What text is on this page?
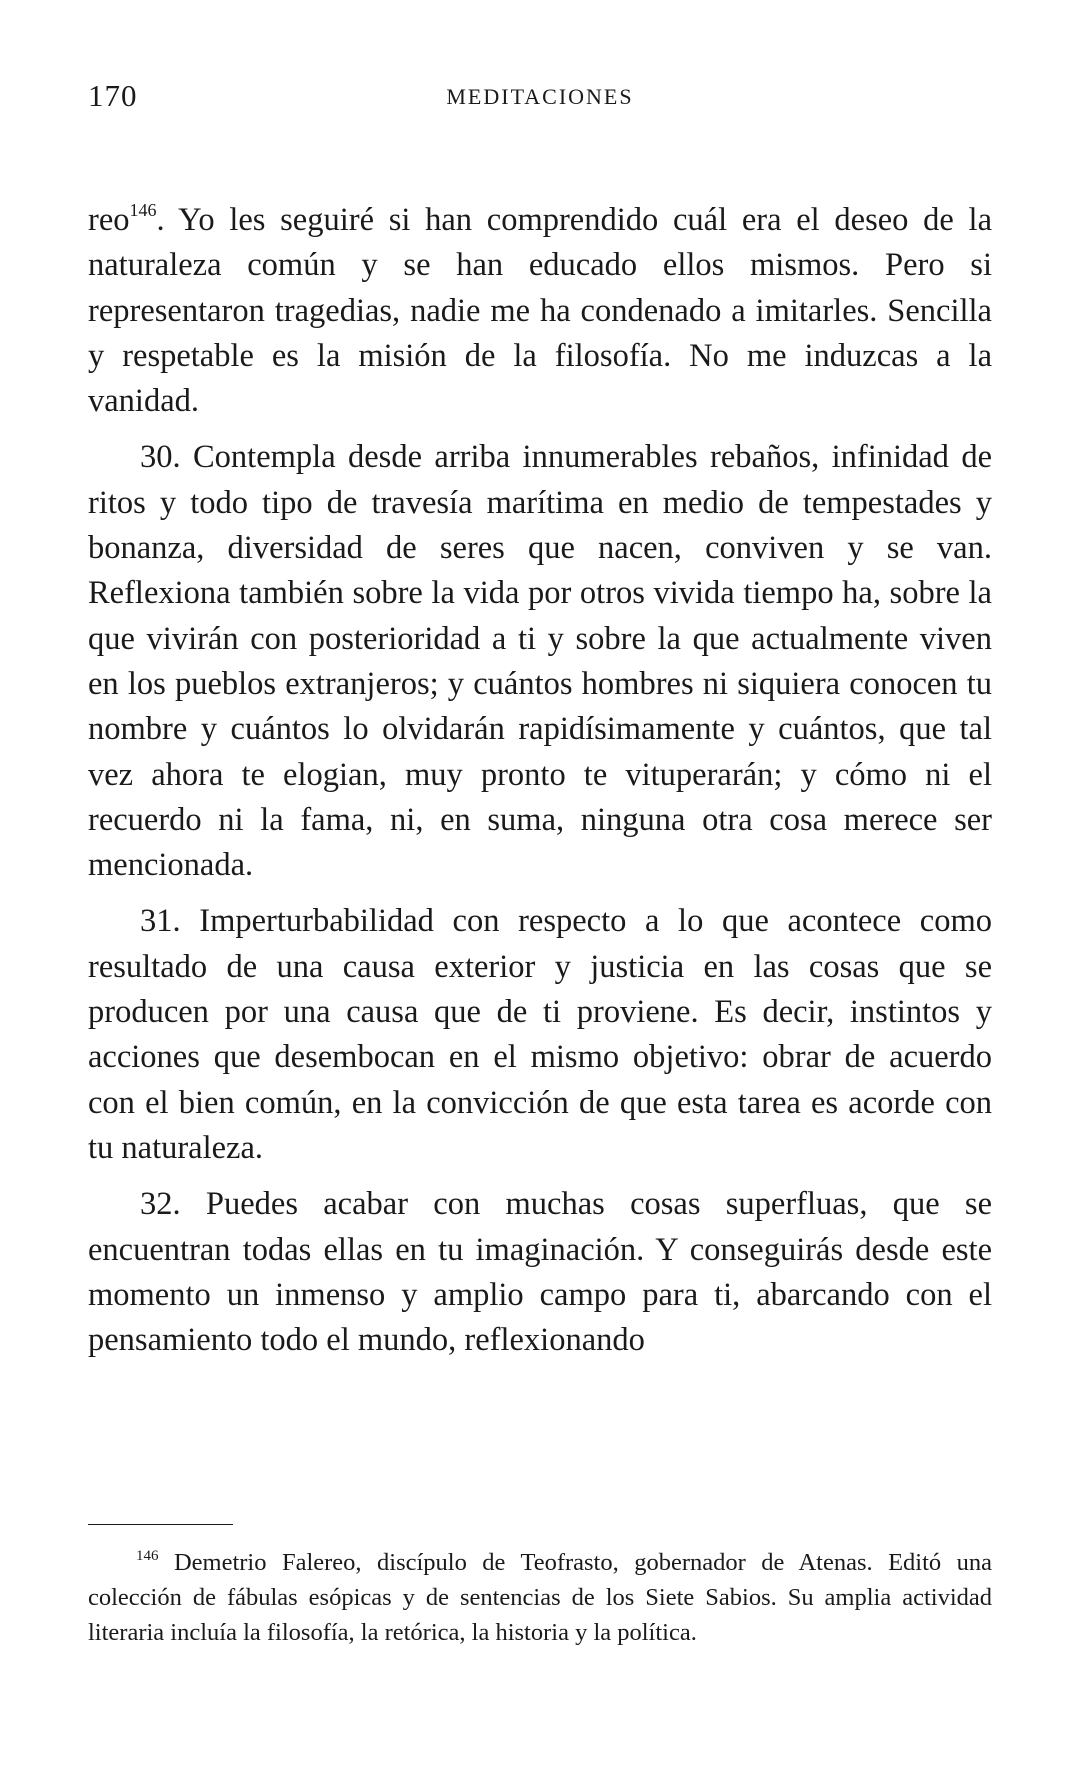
170	MEDITACIONES

reo$^{146}$. Yo les seguiré si han comprendido cuál era el deseo de la naturaleza común y se han educado ellos mismos. Pero si representaron tragedias, nadie me ha condenado a imitarles. Sencilla y respetable es la misión de la filosofía. No me induzcas a la vanidad.

30. Contempla desde arriba innumerables rebaños, infinidad de ritos y todo tipo de travesía marítima en medio de tempestades y bonanza, diversidad de seres que nacen, conviven y se van. Reflexiona también sobre la vida por otros vivida tiempo ha, sobre la que vivirán con posterioridad a ti y sobre la que actualmente viven en los pueblos extranjeros; y cuántos hombres ni siquiera conocen tu nombre y cuántos lo olvidarán rapidísimamente y cuántos, que tal vez ahora te elogian, muy pronto te vituperarán; y cómo ni el recuerdo ni la fama, ni, en suma, ninguna otra cosa merece ser mencionada.

31. Imperturbabilidad con respecto a lo que acontece como resultado de una causa exterior y justicia en las cosas que se producen por una causa que de ti proviene. Es decir, instintos y acciones que desembocan en el mismo objetivo: obrar de acuerdo con el bien común, en la convicción de que esta tarea es acorde con tu naturaleza.

32. Puedes acabar con muchas cosas superfluas, que se encuentran todas ellas en tu imaginación. Y conseguirás desde este momento un inmenso y amplio campo para ti, abarcando con el pensamiento todo el mundo, reflexionando

$^{146}$ Demetrio Falereo, discípulo de Teofrasto, gobernador de Atenas. Editó una colección de fábulas esópicas y de sentencias de los Siete Sabios. Su amplia actividad literaria incluía la filosofía, la retórica, la historia y la política.
